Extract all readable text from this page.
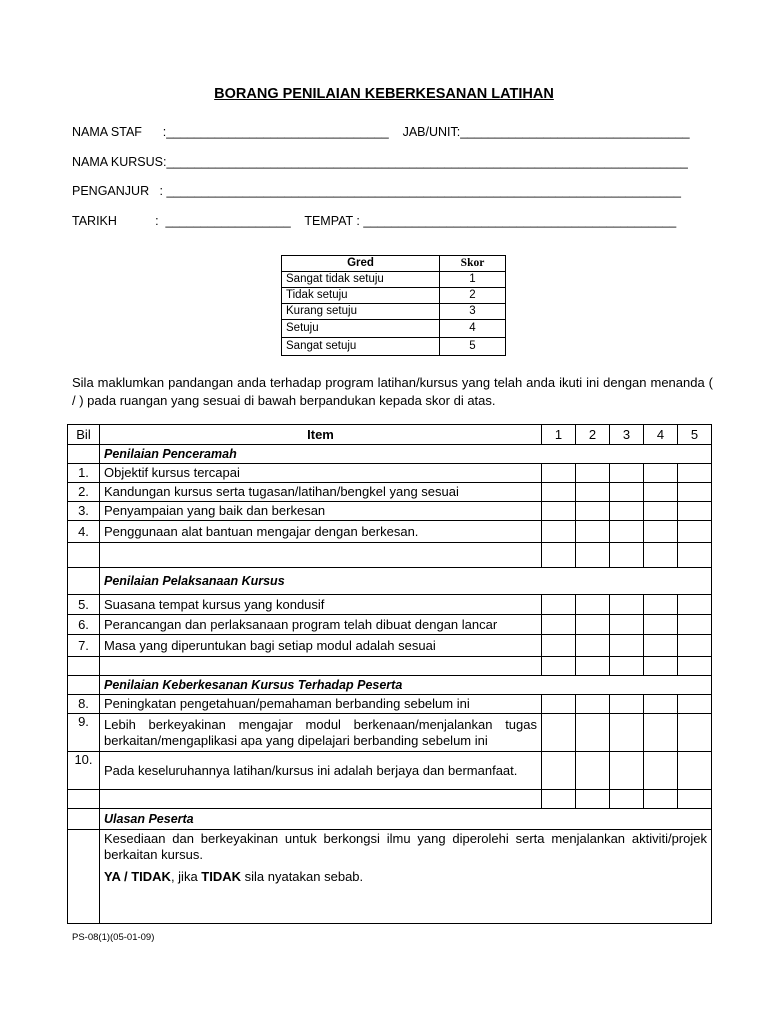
BORANG PENILAIAN KEBERKESANAN LATIHAN
NAMA STAF      :________________________________    JAB/UNIT:_________________________________
NAMA KURSUS:___________________________________________________________________________
PENGANJUR   : __________________________________________________________________________
TARIKH           :  __________________    TEMPAT : _____________________________________________
Gred	Skor
Sangat tidak setuju	1
Tidak setuju	2
Kurang setuju	3
Setuju	4
Sangat setuju	5
Sila maklumkan pandangan anda terhadap program latihan/kursus yang telah anda ikuti ini dengan menanda ( / ) pada ruangan yang sesuai di bawah berpandukan kepada skor di atas.
Bil	Item	1	2	3	4	5
	Penilaian Penceramah					
1.	Objektif kursus tercapai					
2.	Kandungan kursus serta tugasan/latihan/bengkel yang sesuai					
3.	Penyampaian yang baik dan berkesan					
4.	Penggunaan alat bantuan mengajar dengan berkesan.					

	Penilaian Pelaksanaan Kursus					
5.	Suasana tempat kursus yang kondusif					
6.	Perancangan dan perlaksanaan program telah dibuat dengan lancar					
7.	Masa yang diperuntukan bagi setiap modul adalah sesuai					

	Penilaian Keberkesanan Kursus Terhadap Peserta					
8.	Peningkatan pengetahuan/pemahaman berbanding sebelum ini					
9.	Lebih berkeyakinan mengajar modul berkenaan/menjalankan tugas berkaitan/mengaplikasi apa yang dipelajari berbanding sebelum ini					
10.	Pada keseluruhannya latihan/kursus ini adalah berjaya dan bermanfaat.					

	Ulasan Peserta					

	Kesediaan dan berkeyakinan untuk berkongsi ilmu yang diperolehi serta menjalankan aktiviti/projek berkaitan kursus.
YA / TIDAK, jika TIDAK sila nyatakan sebab.					
PS-08(1)(05-01-09)
